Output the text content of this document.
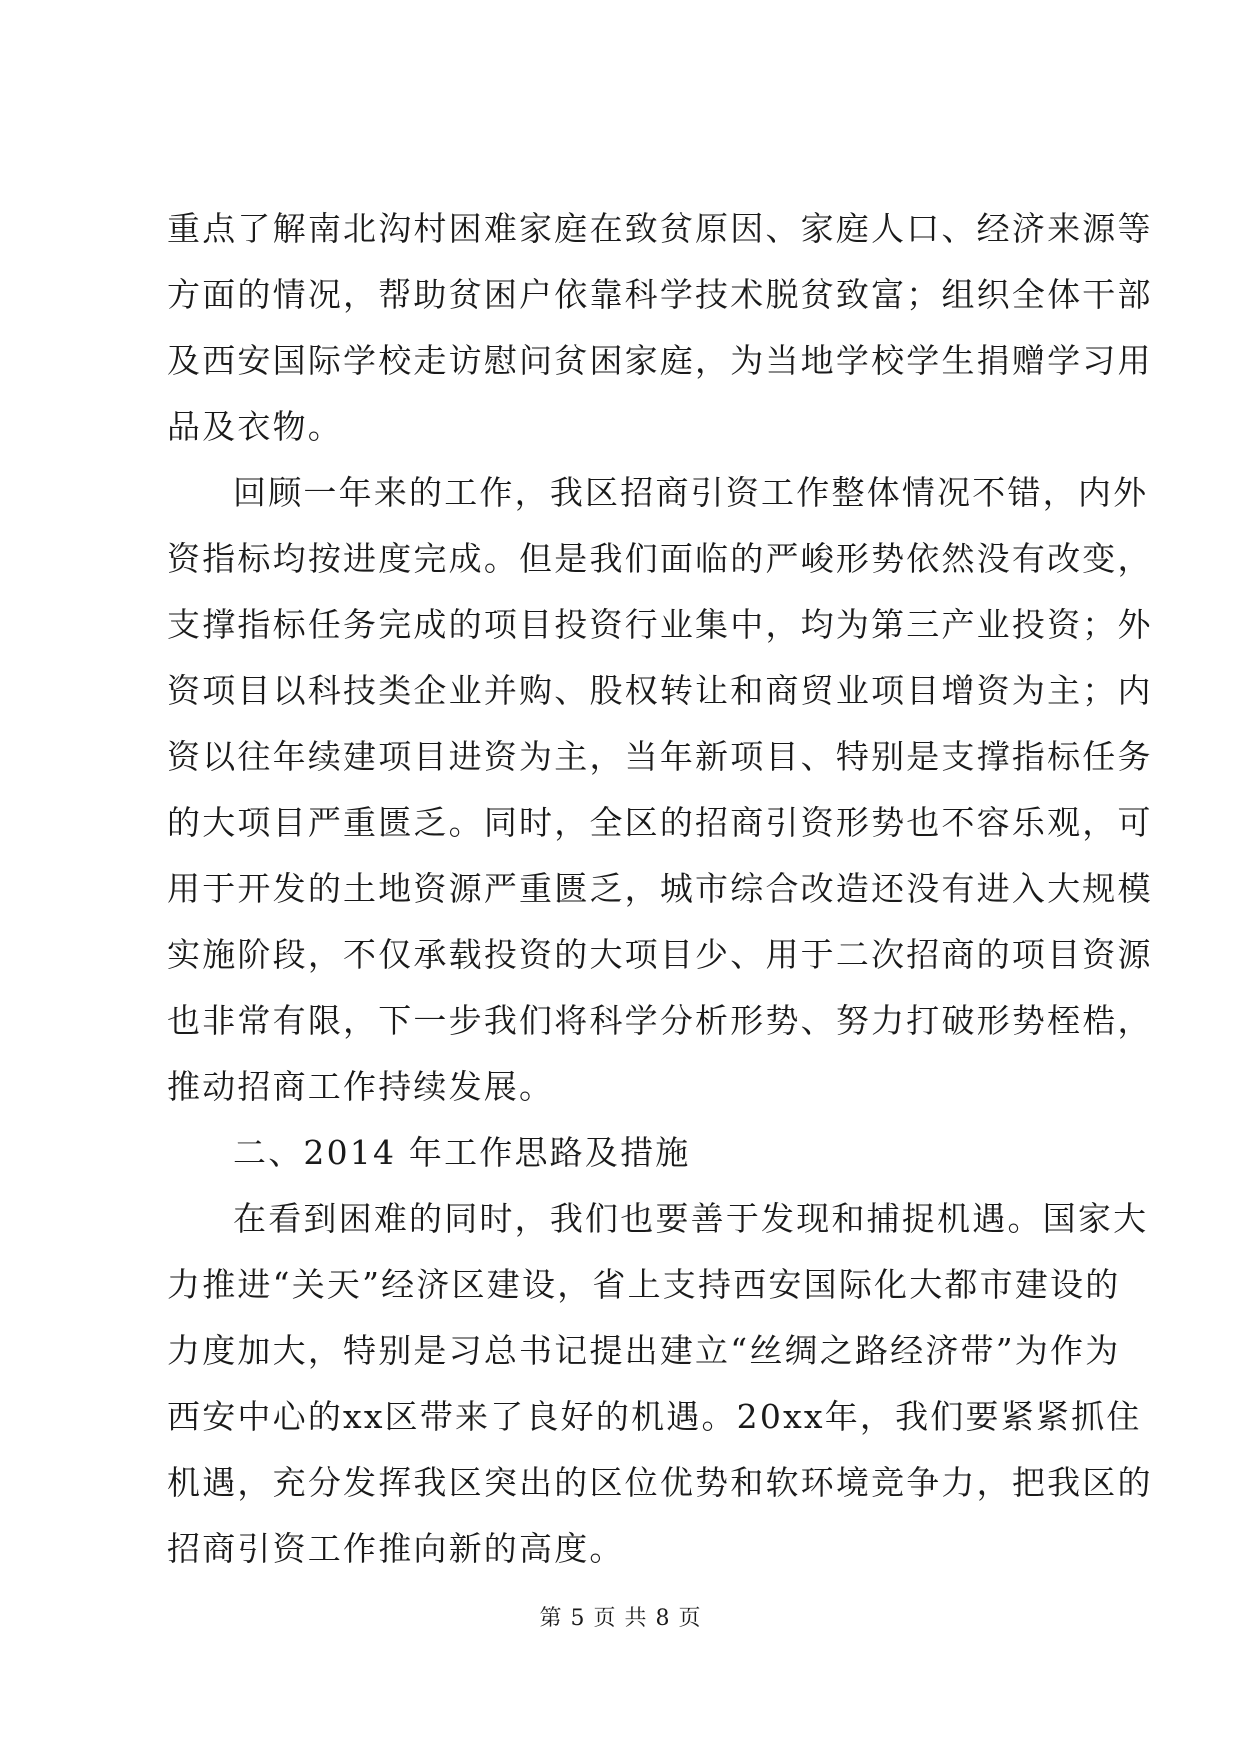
重 点 了 解 南 北 沟 村 困 难 家 庭 在 致 贫 原 因 、 家 庭 人 口 、 经 济 来 源 等
方 面 的 情 况 ， 帮 助 贫 困 户 依 靠 科 学 技 术 脱 贫 致 富 ； 组 织 全 体 干 部
及 西 安 国 际 学 校 走 访 慰 问 贫 困 家 庭 ， 为 当 地 学 校 学 生 捐 赠 学 习 用
品及衣物。
回 顾 一 年 来 的 工 作 ， 我 区 招 商 引 资 工 作 整 体 情 况 不 错 ， 内 外
资 指 标 均 按 进 度 完 成 。 但 是 我 们 面 临 的 严 峻 形 势 依 然 没 有 改 变 ，
支 撑 指 标 任 务 完 成 的 项 目 投 资 行 业 集 中 ， 均 为 第 三 产 业 投 资 ； 外
资 项 目 以 科 技 类 企 业 并 购 、 股 权 转 让 和 商 贸 业 项 目 增 资 为 主 ； 内
资 以 往 年 续 建 项 目 进 资 为 主 ， 当 年 新 项 目 、 特 别 是 支 撑 指 标 任 务
的 大 项 目 严 重 匮 乏 。 同 时 ， 全 区 的 招 商 引 资 形 势 也 不 容 乐 观 ， 可
用 于 开 发 的 土 地 资 源 严 重 匮 乏 ， 城 市 综 合 改 造 还 没 有 进 入 大 规 模
实 施 阶 段 ， 不 仅 承 载 投 资 的 大 项 目 少 、 用 于 二 次 招 商 的 项 目 资 源
也 非 常 有 限 ， 下 一 步 我 们 将 科 学 分 析 形 势 、 努 力 打 破 形 势 桎 梏 ，
推动招商工作持续发展。
二、2014 年工作思路及措施
在 看 到 困 难 的 同 时 ， 我 们 也 要 善 于 发 现 和 捕 捉 机 遇 。 国 家 大
力 推 进 “ 关 天 ” 经 济 区 建 设 ， 省 上 支 持 西 安 国 际 化 大 都 市 建 设 的
力 度 加 大 ， 特 别 是 习 总 书 记 提 出 建 立 “ 丝 绸 之 路 经 济 带 ” 为 作 为
西 安 中 心 的 xx 区 带 来 了 良 好 的 机 遇 。 20xx 年 ， 我 们 要 紧 紧 抓 住
机 遇 ， 充 分 发 挥 我 区 突 出 的 区 位 优 势 和 软 环 境 竞 争 力 ， 把 我 区 的
招商引资工作推向新的高度。
第 5 页 共 8 页
